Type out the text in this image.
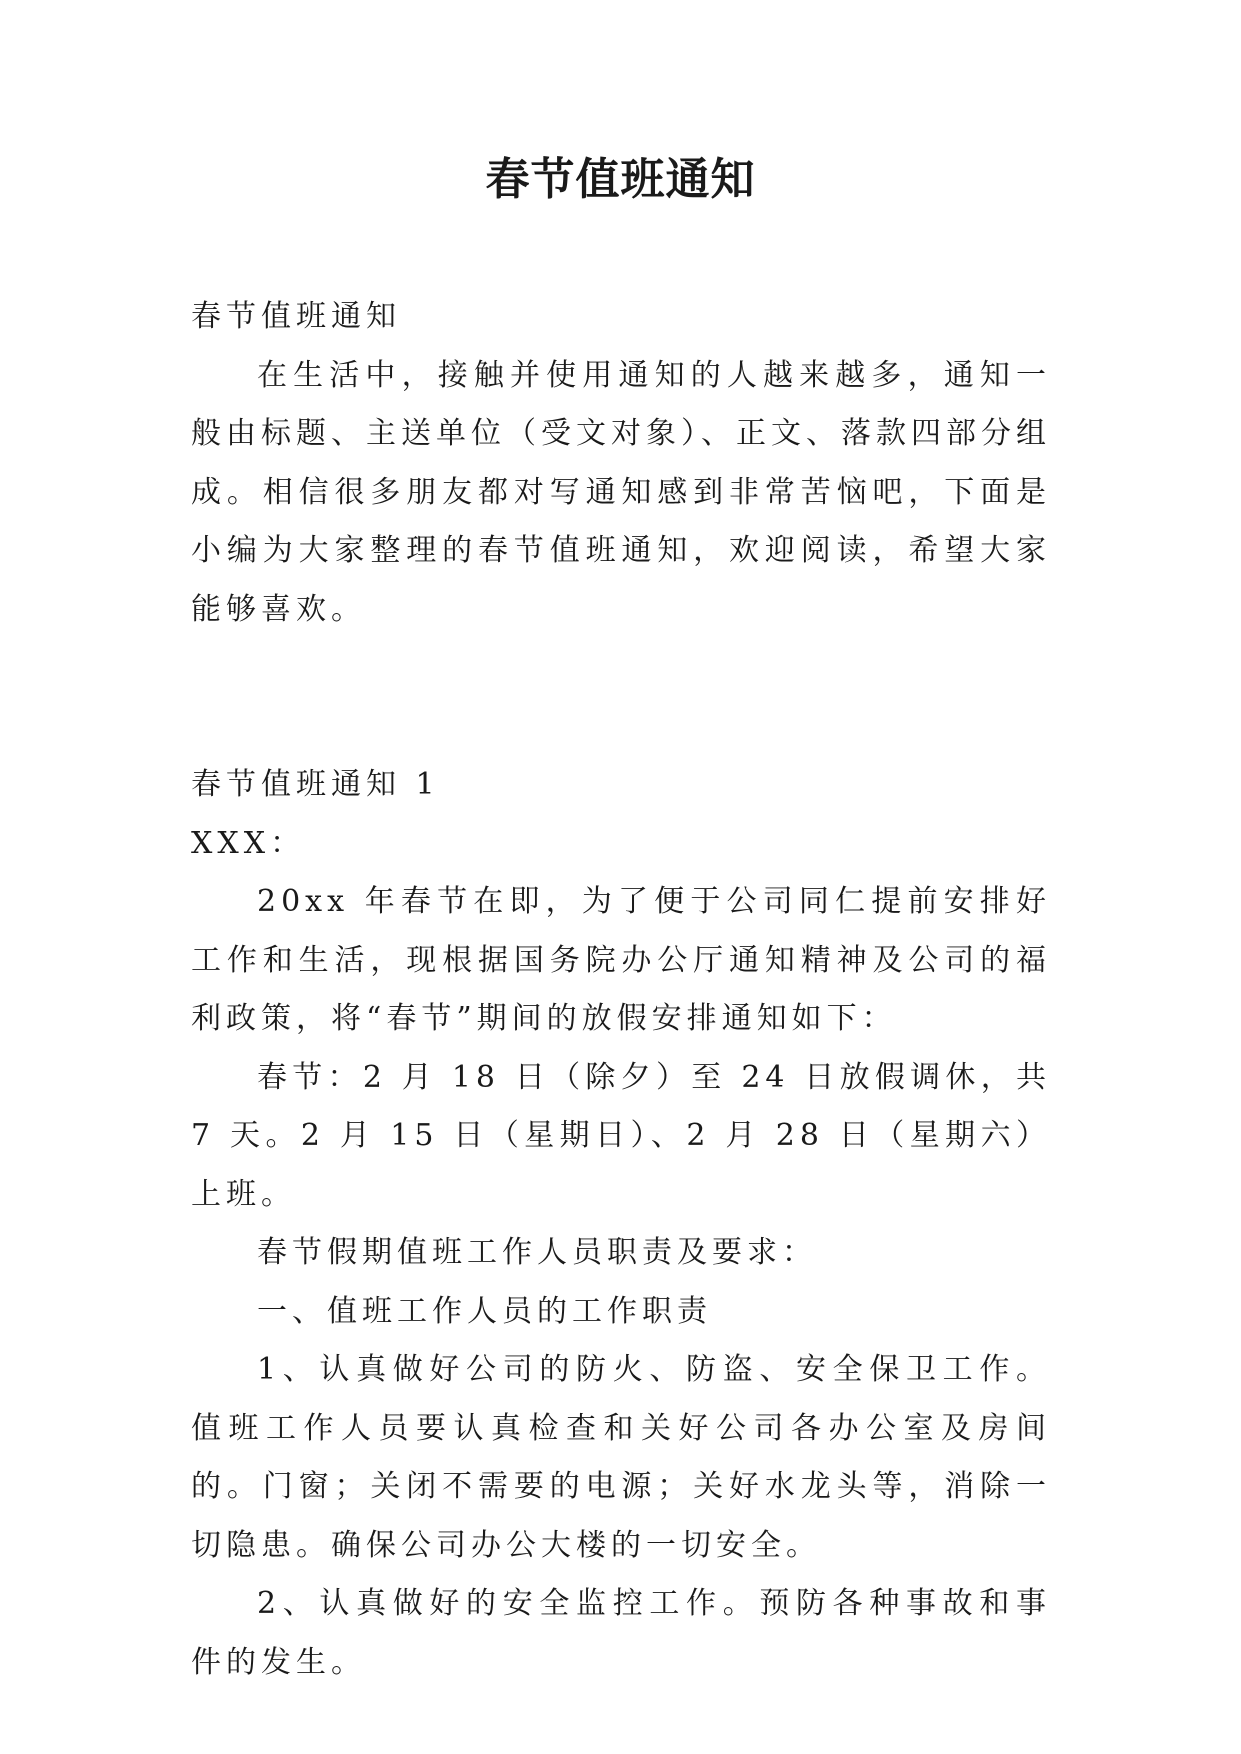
春节值班通知

春节值班通知

在生活中，接触并使用通知的人越来越多，通知一般由标题、主送单位（受文对象）、正文、落款四部分组成。相信很多朋友都对写通知感到非常苦恼吧，下面是小编为大家整理的春节值班通知，欢迎阅读，希望大家能够喜欢。

春节值班通知 1

XXX：

20xx 年春节在即，为了便于公司同仁提前安排好工作和生活，现根据国务院办公厅通知精神及公司的福利政策，将“春节”期间的放假安排通知如下：

春节：2 月 18 日（除夕）至 24 日放假调休，共 7 天。2 月 15 日（星期日）、2 月 28 日（星期六）上班。

春节假期值班工作人员职责及要求：

一、值班工作人员的工作职责

1、认真做好公司的防火、防盗、安全保卫工作。值班工作人员要认真检查和关好公司各办公室及房间的。门窗；关闭不需要的电源；关好水龙头等，消除一切隐患。确保公司办公大楼的一切安全。

2、认真做好的安全监控工作。预防各种事故和事件的发生。
